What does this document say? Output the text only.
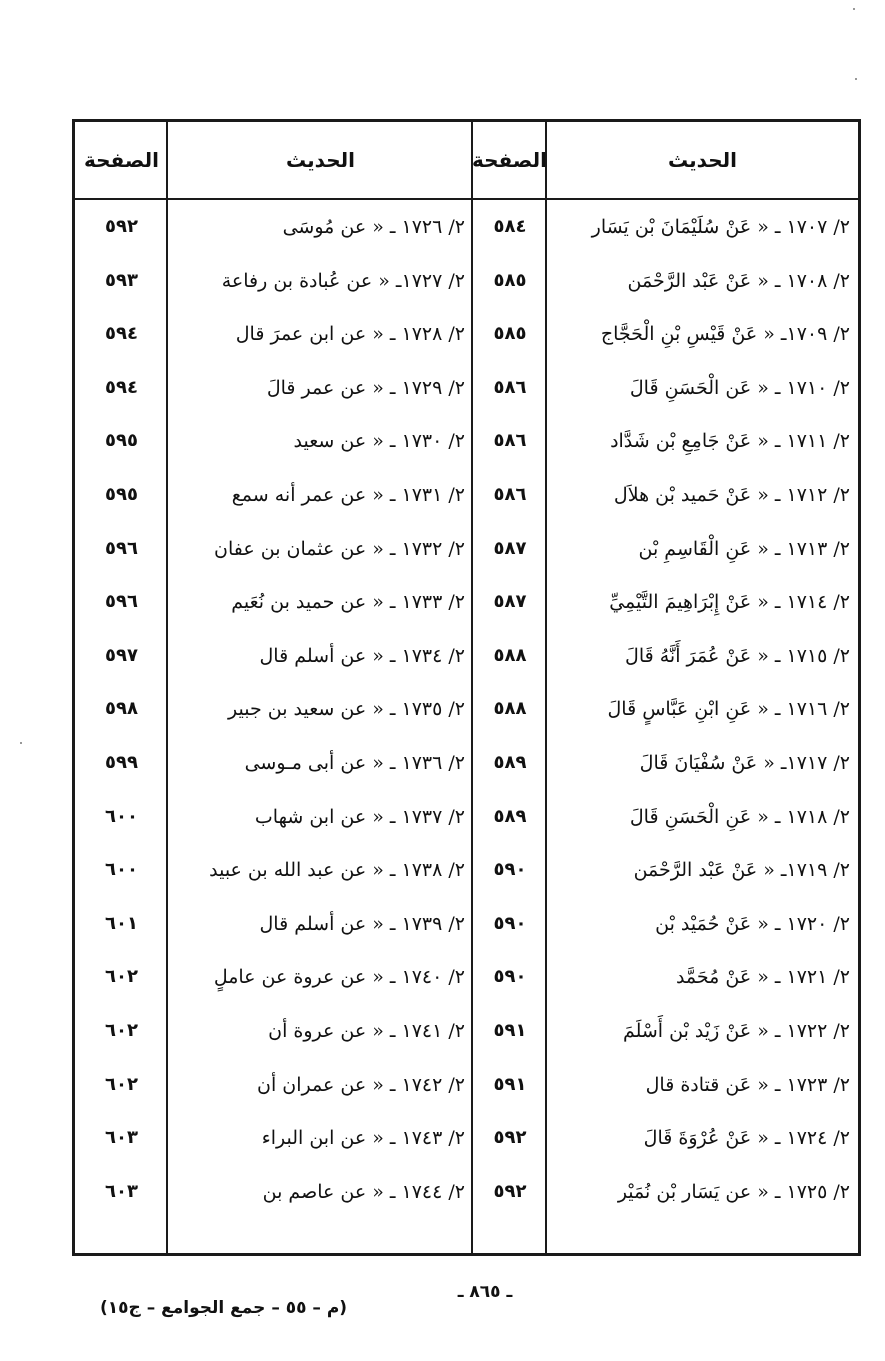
الحديث
الصفحة
الحديث
الصفحة
٢/ ١٧٠٧ ـ « عَنْ سُلَيْمَانَ بْن يَسَار
٥٨٤
٢/ ١٧٢٦ ـ « عن مُوسَى
٥٩٢
٢/ ١٧٠٨ ـ « عَنْ عَبْد الرَّحْمَن
٥٨٥
٢/ ١٧٢٧ـ « عن عُبادة بن رفاعة
٥٩٣
٢/ ١٧٠٩ـ « عَنْ قَيْسِ بْنِ الْحَجَّاج
٥٨٥
٢/ ١٧٢٨ ـ « عن ابن عمرَ قال
٥٩٤
٢/ ١٧١٠ ـ « عَن الْحَسَنِ قَالَ
٥٨٦
٢/ ١٧٢٩ ـ « عن عمر قالَ
٥٩٤
٢/ ١٧١١ ـ « عَنْ جَامِعِ بْن شَدَّاد
٥٨٦
٢/ ١٧٣٠ ـ « عن سعيد
٥٩٥
٢/ ١٧١٢ ـ « عَنْ حَميد بْن هلاَل
٥٨٦
٢/ ١٧٣١ ـ « عن عمر أنه سمع
٥٩٥
٢/ ١٧١٣ ـ « عَنِ الْقَاسِمِ بْن
٥٨٧
٢/ ١٧٣٢ ـ « عن عثمان بن عفان
٥٩٦
٢/ ١٧١٤ ـ « عَنْ إِبْرَاهِيمَ التَّيْمِيِّ
٥٨٧
٢/ ١٧٣٣ ـ « عن حميد بن نُعَيم
٥٩٦
٢/ ١٧١٥ ـ « عَنْ عُمَرَ أَنَّهُ قَالَ
٥٨٨
٢/ ١٧٣٤ ـ « عن أسلم قال
٥٩٧
٢/ ١٧١٦ ـ « عَنِ ابْنِ عَبَّاسٍ قَالَ
٥٨٨
٢/ ١٧٣٥ ـ « عن سعيد بن جبير
٥٩٨
٢/ ١٧١٧ـ « عَنْ سُفْيَانَ قَالَ
٥٨٩
٢/ ١٧٣٦ ـ « عن أبى مـوسى
٥٩٩
٢/ ١٧١٨ ـ « عَنِ الْحَسَنِ قَالَ
٥٨٩
٢/ ١٧٣٧ ـ « عن ابن شهاب
٦٠٠
٢/ ١٧١٩ـ « عَنْ عَبْد الرَّحْمَن
٥٩٠
٢/ ١٧٣٨ ـ « عن عبد الله بن عبيد
٦٠٠
٢/ ١٧٢٠ ـ « عَنْ حُمَيْد بْن
٥٩٠
٢/ ١٧٣٩ ـ « عن أسلم قال
٦٠١
٢/ ١٧٢١ ـ « عَنْ مُحَمَّد
٥٩٠
٢/ ١٧٤٠ ـ « عن عروة عن عاملٍ
٦٠٢
٢/ ١٧٢٢ ـ « عَنْ زَيْد بْن أَسْلَمَ
٥٩١
٢/ ١٧٤١ ـ « عن عروة أن
٦٠٢
٢/ ١٧٢٣ ـ « عَن قتادة قال
٥٩١
٢/ ١٧٤٢ ـ « عن عمران أن
٦٠٢
٢/ ١٧٢٤ ـ « عَنْ عُرْوَةَ قَالَ
٥٩٢
٢/ ١٧٤٣ ـ « عن ابن البراء
٦٠٣
٢/ ١٧٢٥ ـ « عن يَسَار بْن نُمَيْر
٥٩٢
٢/ ١٧٤٤ ـ « عن عاصم بن
٦٠٣
ـ ٨٦٥ ـ
(م – ٥٥ – جمع الجوامع – ج١٥)
